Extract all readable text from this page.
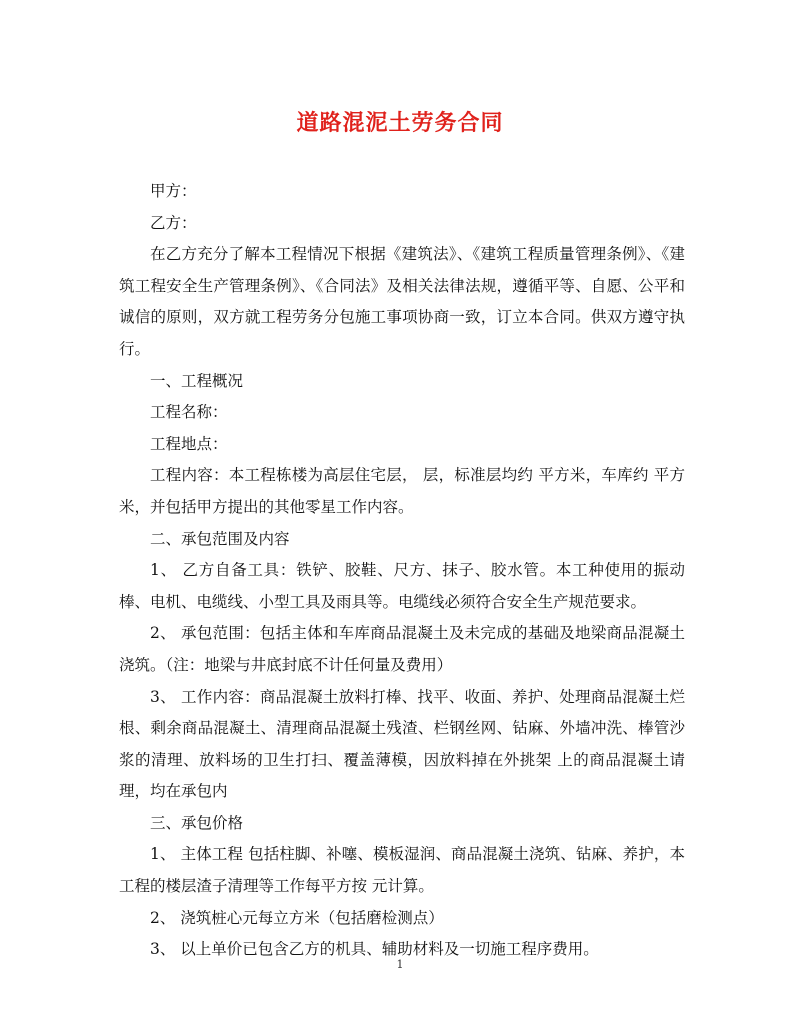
道路混泥土劳务合同

甲方：

乙方：

在乙方充分了解本工程情况下根据《建筑法》、《建筑工程质量管理条例》、《建筑工程安全生产管理条例》、《合同法》及相关法律法规，遵循平等、自愿、公平和诚信的原则，双方就工程劳务分包施工事项协商一致，订立本合同。供双方遵守执行。

一、工程概况

工程名称：

工程地点：

工程内容：本工程栋楼为高层住宅层， 层，标准层均约 平方米，车库约 平方米，并包括甲方提出的其他零星工作内容。

二、承包范围及内容

1、 乙方自备工具：铁铲、胶鞋、尺方、抹子、胶水管。本工种使用的振动棒、电机、电缆线、小型工具及雨具等。电缆线必须符合安全生产规范要求。

2、 承包范围：包括主体和车库商品混凝土及未完成的基础及地梁商品混凝土浇筑。（注：地梁与井底封底不计任何量及费用）

3、 工作内容：商品混凝土放料打棒、找平、收面、养护、处理商品混凝土烂根、剩余商品混凝土、清理商品混凝土残渣、栏钢丝网、钻麻、外墙冲洗、棒管沙浆的清理、放料场的卫生打扫、覆盖薄模，因放料掉在外挑架 上的商品混凝土请理，均在承包内

三、承包价格

1、 主体工程 包括柱脚、补噻、模板湿润、商品混凝土浇筑、钻麻、养护，本工程的楼层渣子清理等工作每平方按 元计算。

2、 浇筑桩心元每立方米（包括磨检测点）

3、 以上单价已包含乙方的机具、辅助材料及一切施工程序费用。

1
